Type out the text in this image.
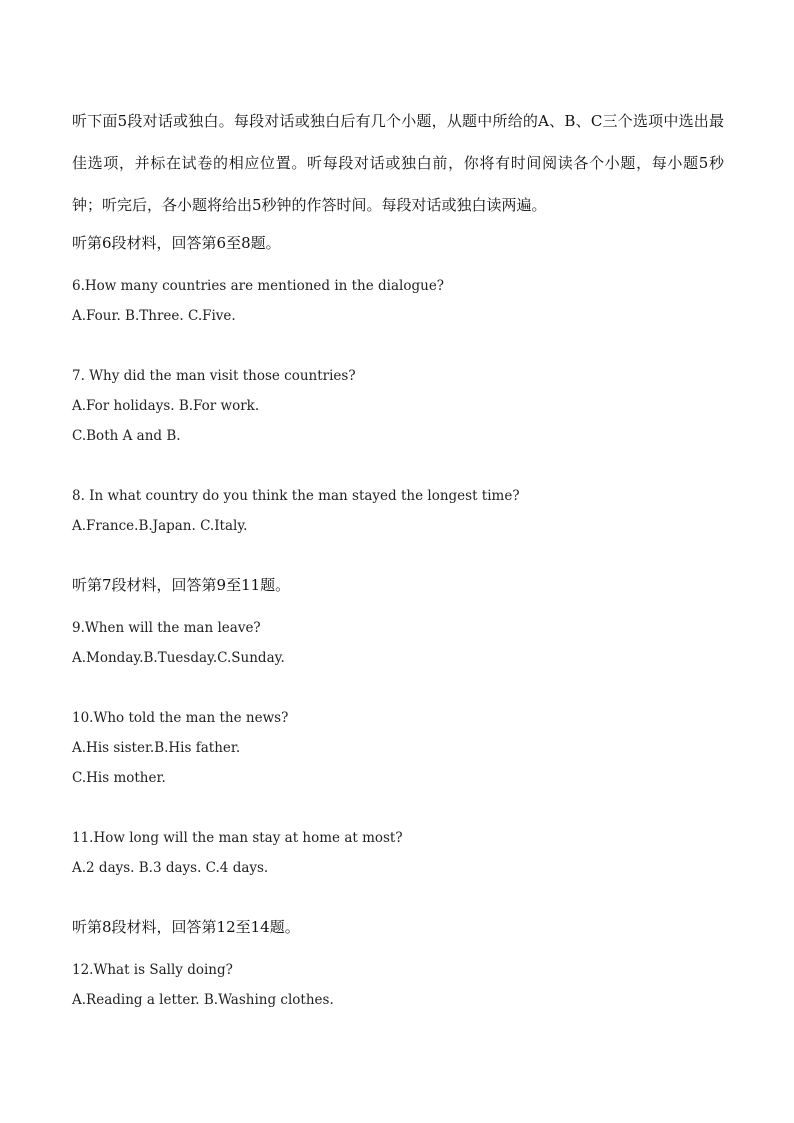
听下面5段对话或独白。每段对话或独白后有几个小题，从题中所给的A、B、C三个选项中选出最佳选项，并标在试卷的相应位置。听每段对话或独白前，你将有时间阅读各个小题，每小题5秒钟；听完后，各小题将给出5秒钟的作答时间。每段对话或独白读两遍。

听第6段材料，回答第6至8题。

6.How many countries are mentioned in the dialogue?

A.Four. B.Three. C.Five.

7. Why did the man visit those countries?

A.For holidays. B.For work.

C.Both A and B.

8. In what country do you think the man stayed the longest time?

A.France.B.Japan. C.Italy.

听第7段材料，回答第9至11题。

9.When will the man leave?

A.Monday.B.Tuesday.C.Sunday.

10.Who told the man the news?

A.His sister.B.His father.

C.His mother.

11.How long will the man stay at home at most?

A.2 days. B.3 days. C.4 days.

听第8段材料，回答第12至14题。

12.What is Sally doing?

A.Reading a letter. B.Washing clothes.
